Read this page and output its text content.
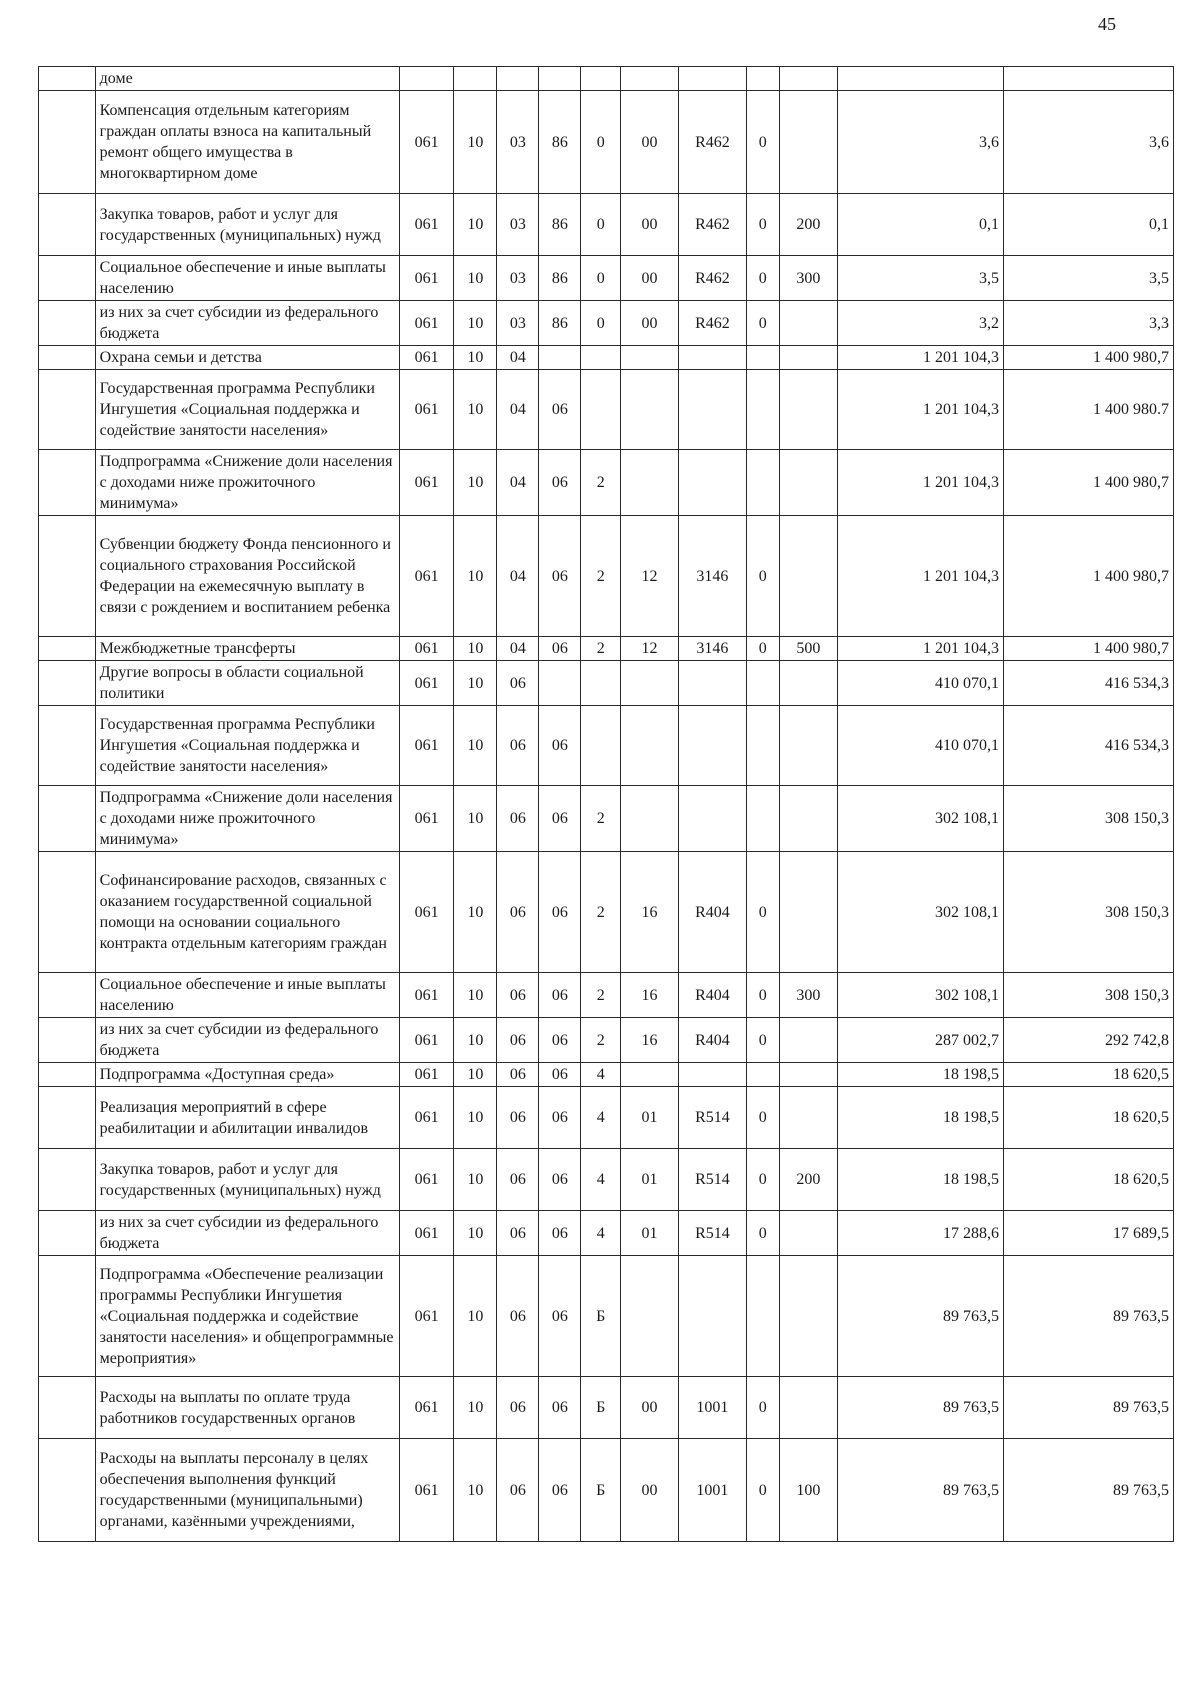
45
	доме											
	Компенсация отдельным категориям граждан оплаты взноса на капитальный ремонт общего имущества в многоквартирном доме	061	10	03	86	0	00	R462	0		3,6	3,6
	Закупка товаров, работ и услуг для государственных (муниципальных) нужд	061	10	03	86	0	00	R462	0	200	0,1	0,1
	Социальное обеспечение и иные выплаты населению	061	10	03	86	0	00	R462	0	300	3,5	3,5
	из них за счет субсидии из федерального бюджета	061	10	03	86	0	00	R462	0		3,2	3,3
	Охрана семьи и детства	061	10	04							1 201 104,3	1 400 980,7
	Государственная программа Республики Ингушетия «Социальная поддержка и содействие занятости населения»	061	10	04	06						1 201 104,3	1 400 980.7
	Подпрограмма «Снижение доли населения с доходами ниже прожиточного минимума»	061	10	04	06	2					1 201 104,3	1 400 980,7
	Субвенции бюджету Фонда пенсионного и социального страхования Российской Федерации на ежемесячную выплату в связи с рождением и воспитанием ребенка	061	10	04	06	2	12	3146	0		1 201 104,3	1 400 980,7
	Межбюджетные трансферты	061	10	04	06	2	12	3146	0	500	1 201 104,3	1 400 980,7
	Другие вопросы в области социальной политики	061	10	06							410 070,1	416 534,3
	Государственная программа Республики Ингушетия «Социальная поддержка и содействие занятости населения»	061	10	06	06						410 070,1	416 534,3
	Подпрограмма «Снижение доли населения с доходами ниже прожиточного минимума»	061	10	06	06	2					302 108,1	308 150,3
	Софинансирование расходов, связанных с оказанием государственной социальной помощи на основании социального контракта отдельным категориям граждан	061	10	06	06	2	16	R404	0		302 108,1	308 150,3
	Социальное обеспечение и иные выплаты населению	061	10	06	06	2	16	R404	0	300	302 108,1	308 150,3
	из них за счет субсидии из федерального бюджета	061	10	06	06	2	16	R404	0		287 002,7	292 742,8
	Подпрограмма «Доступная среда»	061	10	06	06	4					18 198,5	18 620,5
	Реализация мероприятий в сфере реабилитации и абилитации инвалидов	061	10	06	06	4	01	R514	0		18 198,5	18 620,5
	Закупка товаров, работ и услуг для государственных (муниципальных) нужд	061	10	06	06	4	01	R514	0	200	18 198,5	18 620,5
	из них за счет субсидии из федерального бюджета	061	10	06	06	4	01	R514	0		17 288,6	17 689,5
	Подпрограмма «Обеспечение реализации программы Республики Ингушетия «Социальная поддержка и содействие занятости населения» и общепрограммные мероприятия»	061	10	06	06	Б					89 763,5	89 763,5
	Расходы на выплаты по оплате труда работников государственных органов	061	10	06	06	Б	00	1001	0		89 763,5	89 763,5
	Расходы на выплаты персоналу в целях обеспечения выполнения функций государственными (муниципальными) органами, казёнными учреждениями,	061	10	06	06	Б	00	1001	0	100	89 763,5	89 763,5
